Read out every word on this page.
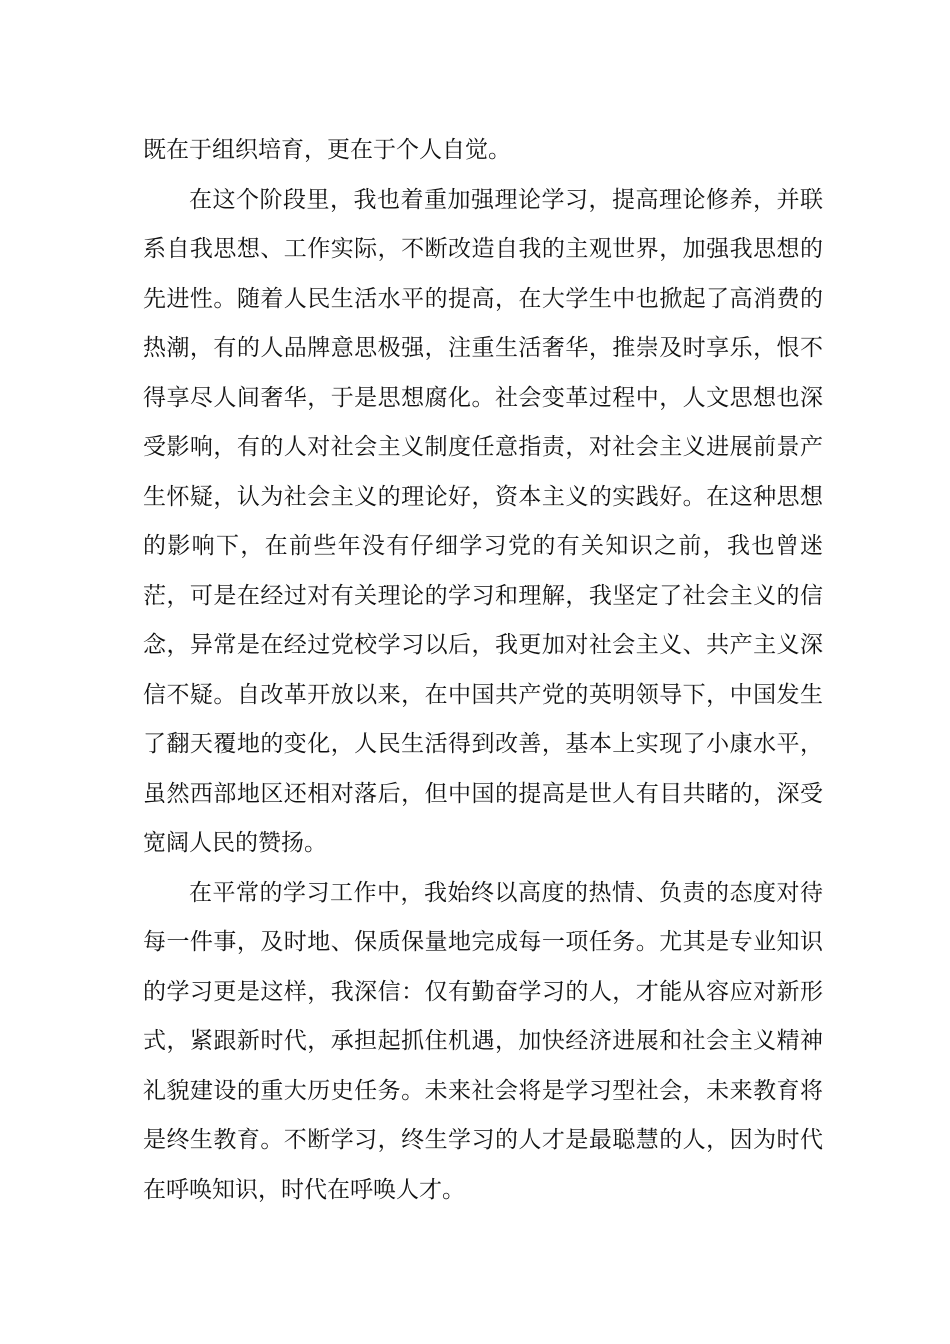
既在于组织培育，更在于个人自觉。

在这个阶段里，我也着重加强理论学习，提高理论修养，并联系自我思想、工作实际，不断改造自我的主观世界，加强我思想的先进性。随着人民生活水平的提高，在大学生中也掀起了高消费的热潮，有的人品牌意思极强，注重生活奢华，推崇及时享乐，恨不得享尽人间奢华，于是思想腐化。社会变革过程中，人文思想也深受影响，有的人对社会主义制度任意指责，对社会主义进展前景产生怀疑，认为社会主义的理论好，资本主义的实践好。在这种思想的影响下，在前些年没有仔细学习党的有关知识之前，我也曾迷茫，可是在经过对有关理论的学习和理解，我坚定了社会主义的信念，异常是在经过党校学习以后，我更加对社会主义、共产主义深信不疑。自改革开放以来，在中国共产党的英明领导下，中国发生了翻天覆地的变化，人民生活得到改善，基本上实现了小康水平，虽然西部地区还相对落后，但中国的提高是世人有目共睹的，深受宽阔人民的赞扬。

在平常的学习工作中，我始终以高度的热情、负责的态度对待每一件事，及时地、保质保量地完成每一项任务。尤其是专业知识的学习更是这样，我深信：仅有勤奋学习的人，才能从容应对新形式，紧跟新时代，承担起抓住机遇，加快经济进展和社会主义精神礼貌建设的重大历史任务。未来社会将是学习型社会，未来教育将是终生教育。不断学习，终生学习的人才是最聪慧的人，因为时代在呼唤知识，时代在呼唤人才。
